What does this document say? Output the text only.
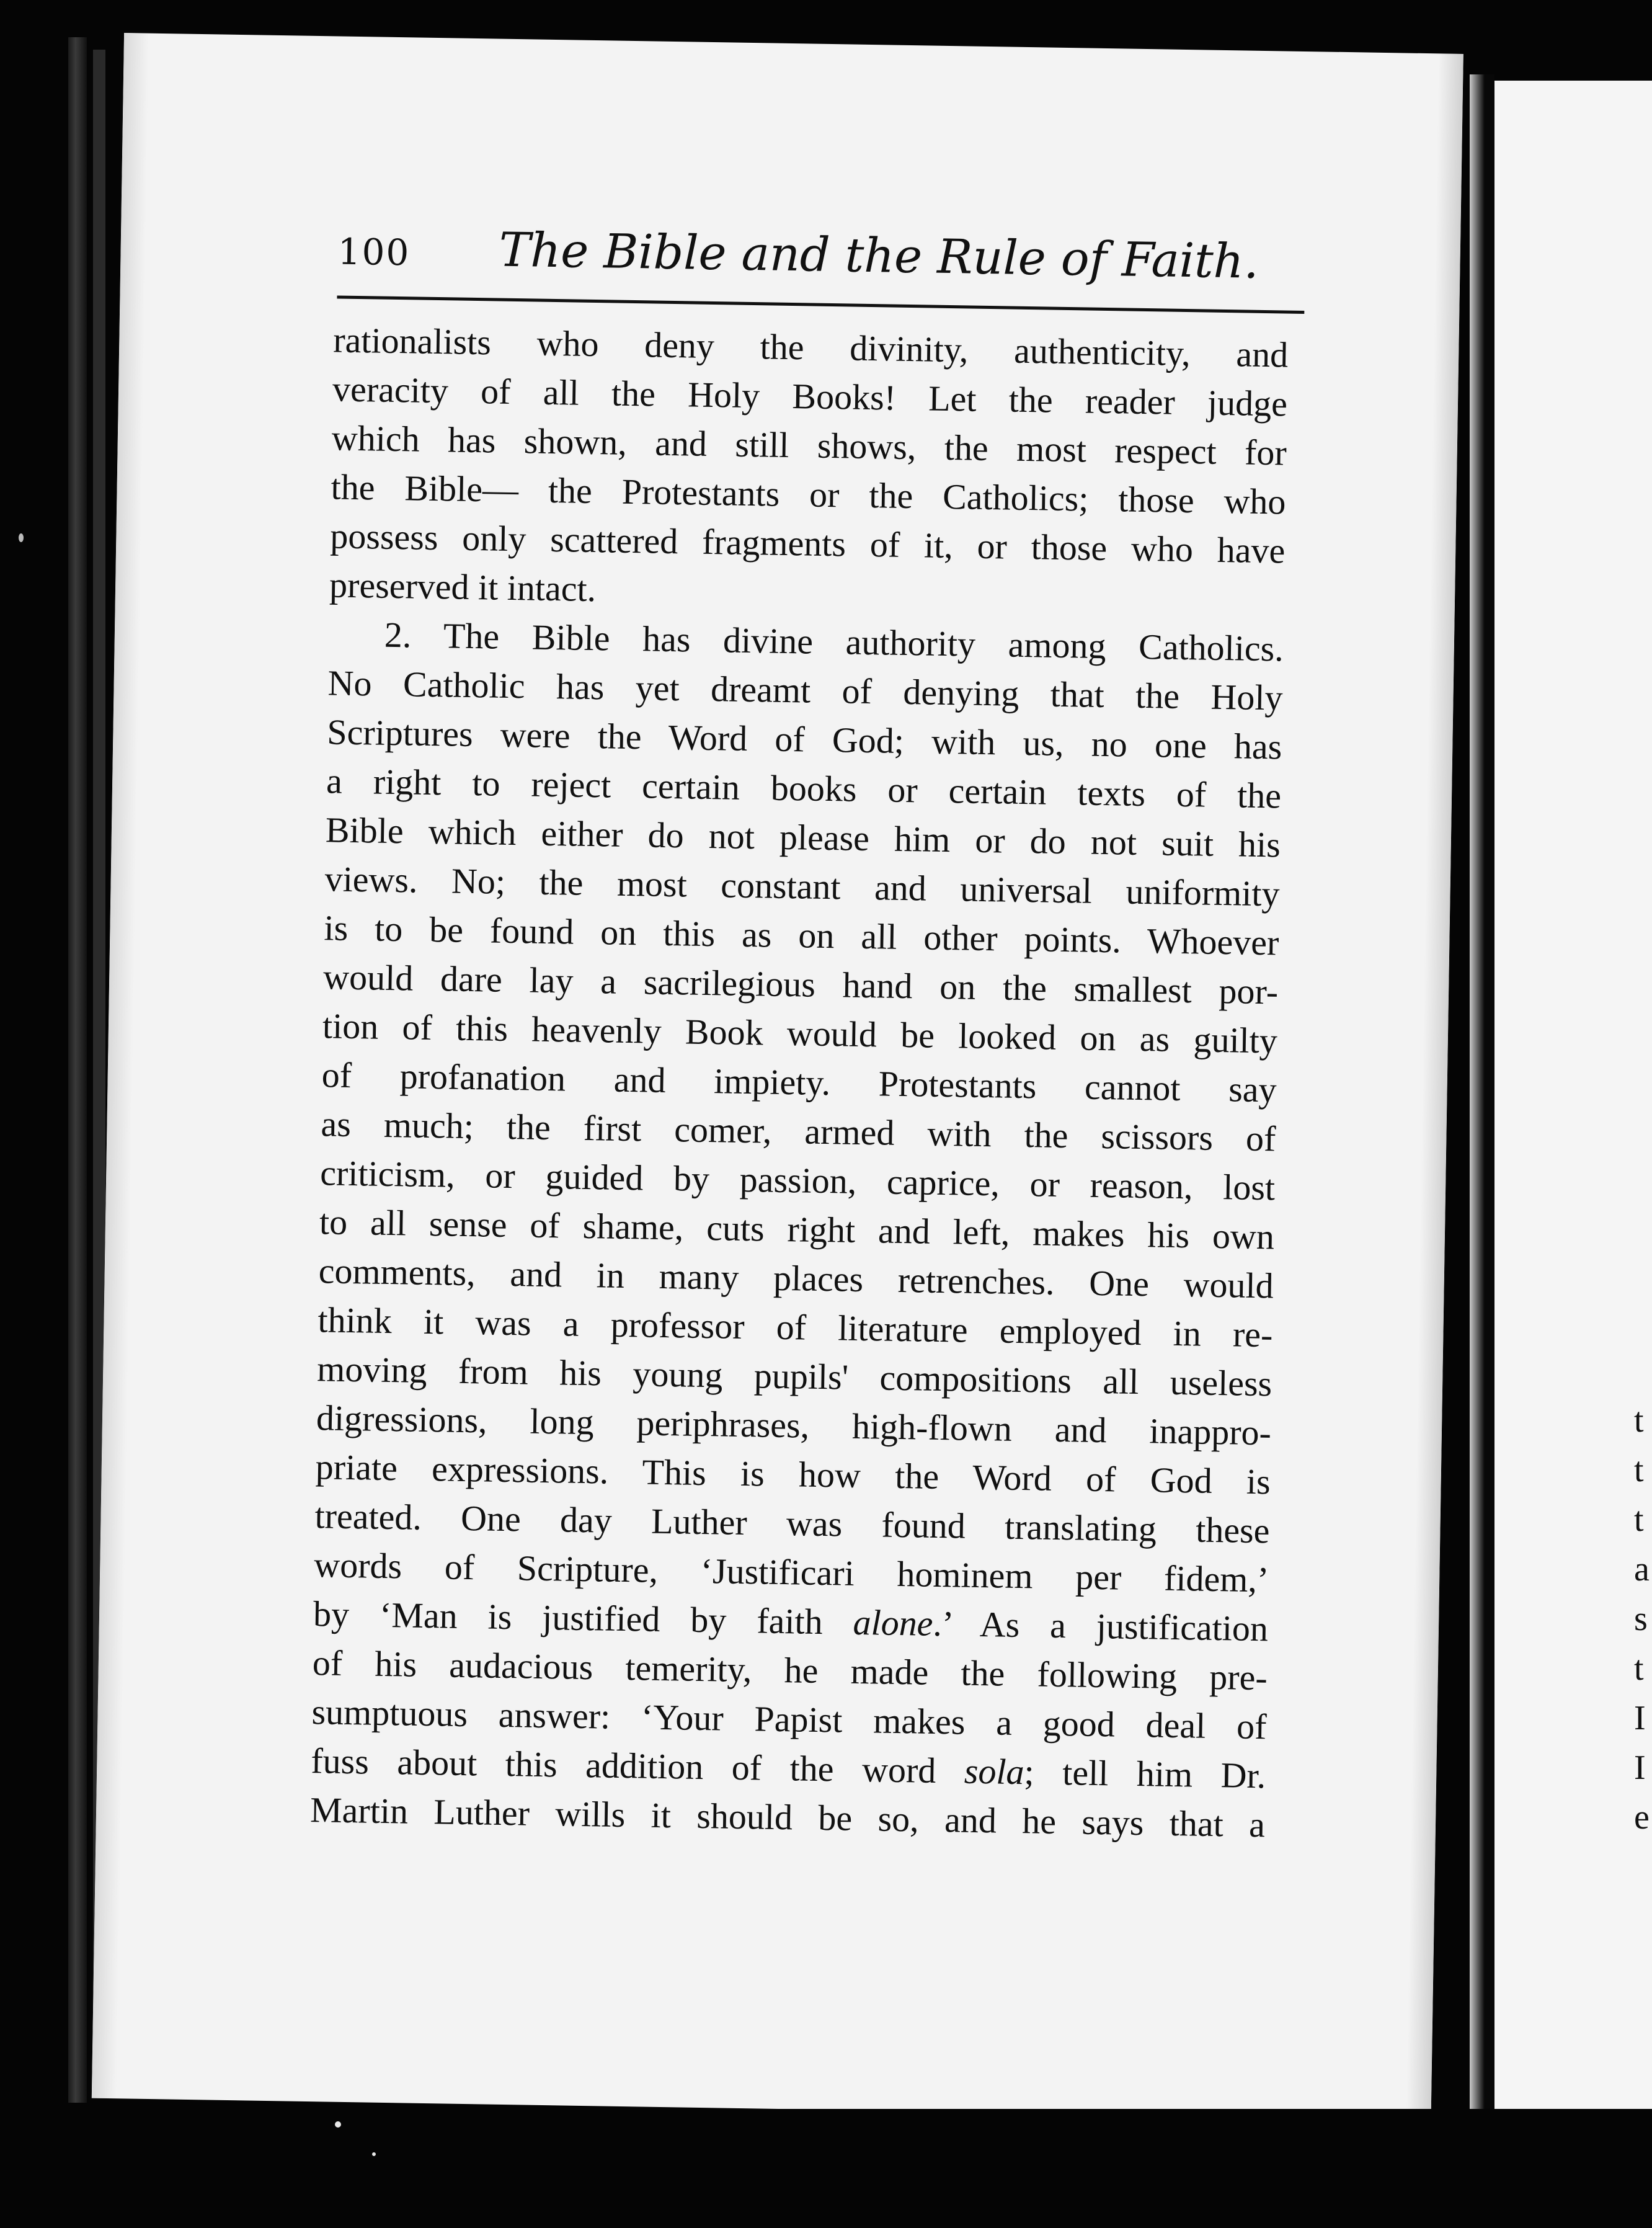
100 The Bible and the Rule of Faith.
rationalists who deny the divinity, authenticity, and
veracity of all the Holy Books! Let the reader judge
which has shown, and still shows, the most respect for
the Bible— the Protestants or the Catholics; those who
possess only scattered fragments of it, or those who have
preserved it intact.
2. The Bible has divine authority among Catholics.
No Catholic has yet dreamt of denying that the Holy
Scriptures were the Word of God; with us, no one has
a right to reject certain books or certain texts of the
Bible which either do not please him or do not suit his
views. No; the most constant and universal uniformity
is to be found on this as on all other points. Whoever
would dare lay a sacrilegious hand on the smallest por-
tion of this heavenly Book would be looked on as guilty
of profanation and impiety. Protestants cannot say
as much; the first comer, armed with the scissors of
criticism, or guided by passion, caprice, or reason, lost
to all sense of shame, cuts right and left, makes his own
comments, and in many places retrenches. One would
think it was a professor of literature employed in re-
moving from his young pupils' compositions all useless
digressions, long periphrases, high-flown and inappro-
priate expressions. This is how the Word of God is
treated. One day Luther was found translating these
words of Scripture, ‘Justificari hominem per fidem,’
by ‘Man is justified by faith alone.’ As a justification
of his audacious temerity, he made the following pre-
sumptuous answer: ‘Your Papist makes a good deal of
fuss about this addition of the word sola; tell him Dr.
Martin Luther wills it should be so, and he says that a
t
t
t
a
s
t
I
I
e
